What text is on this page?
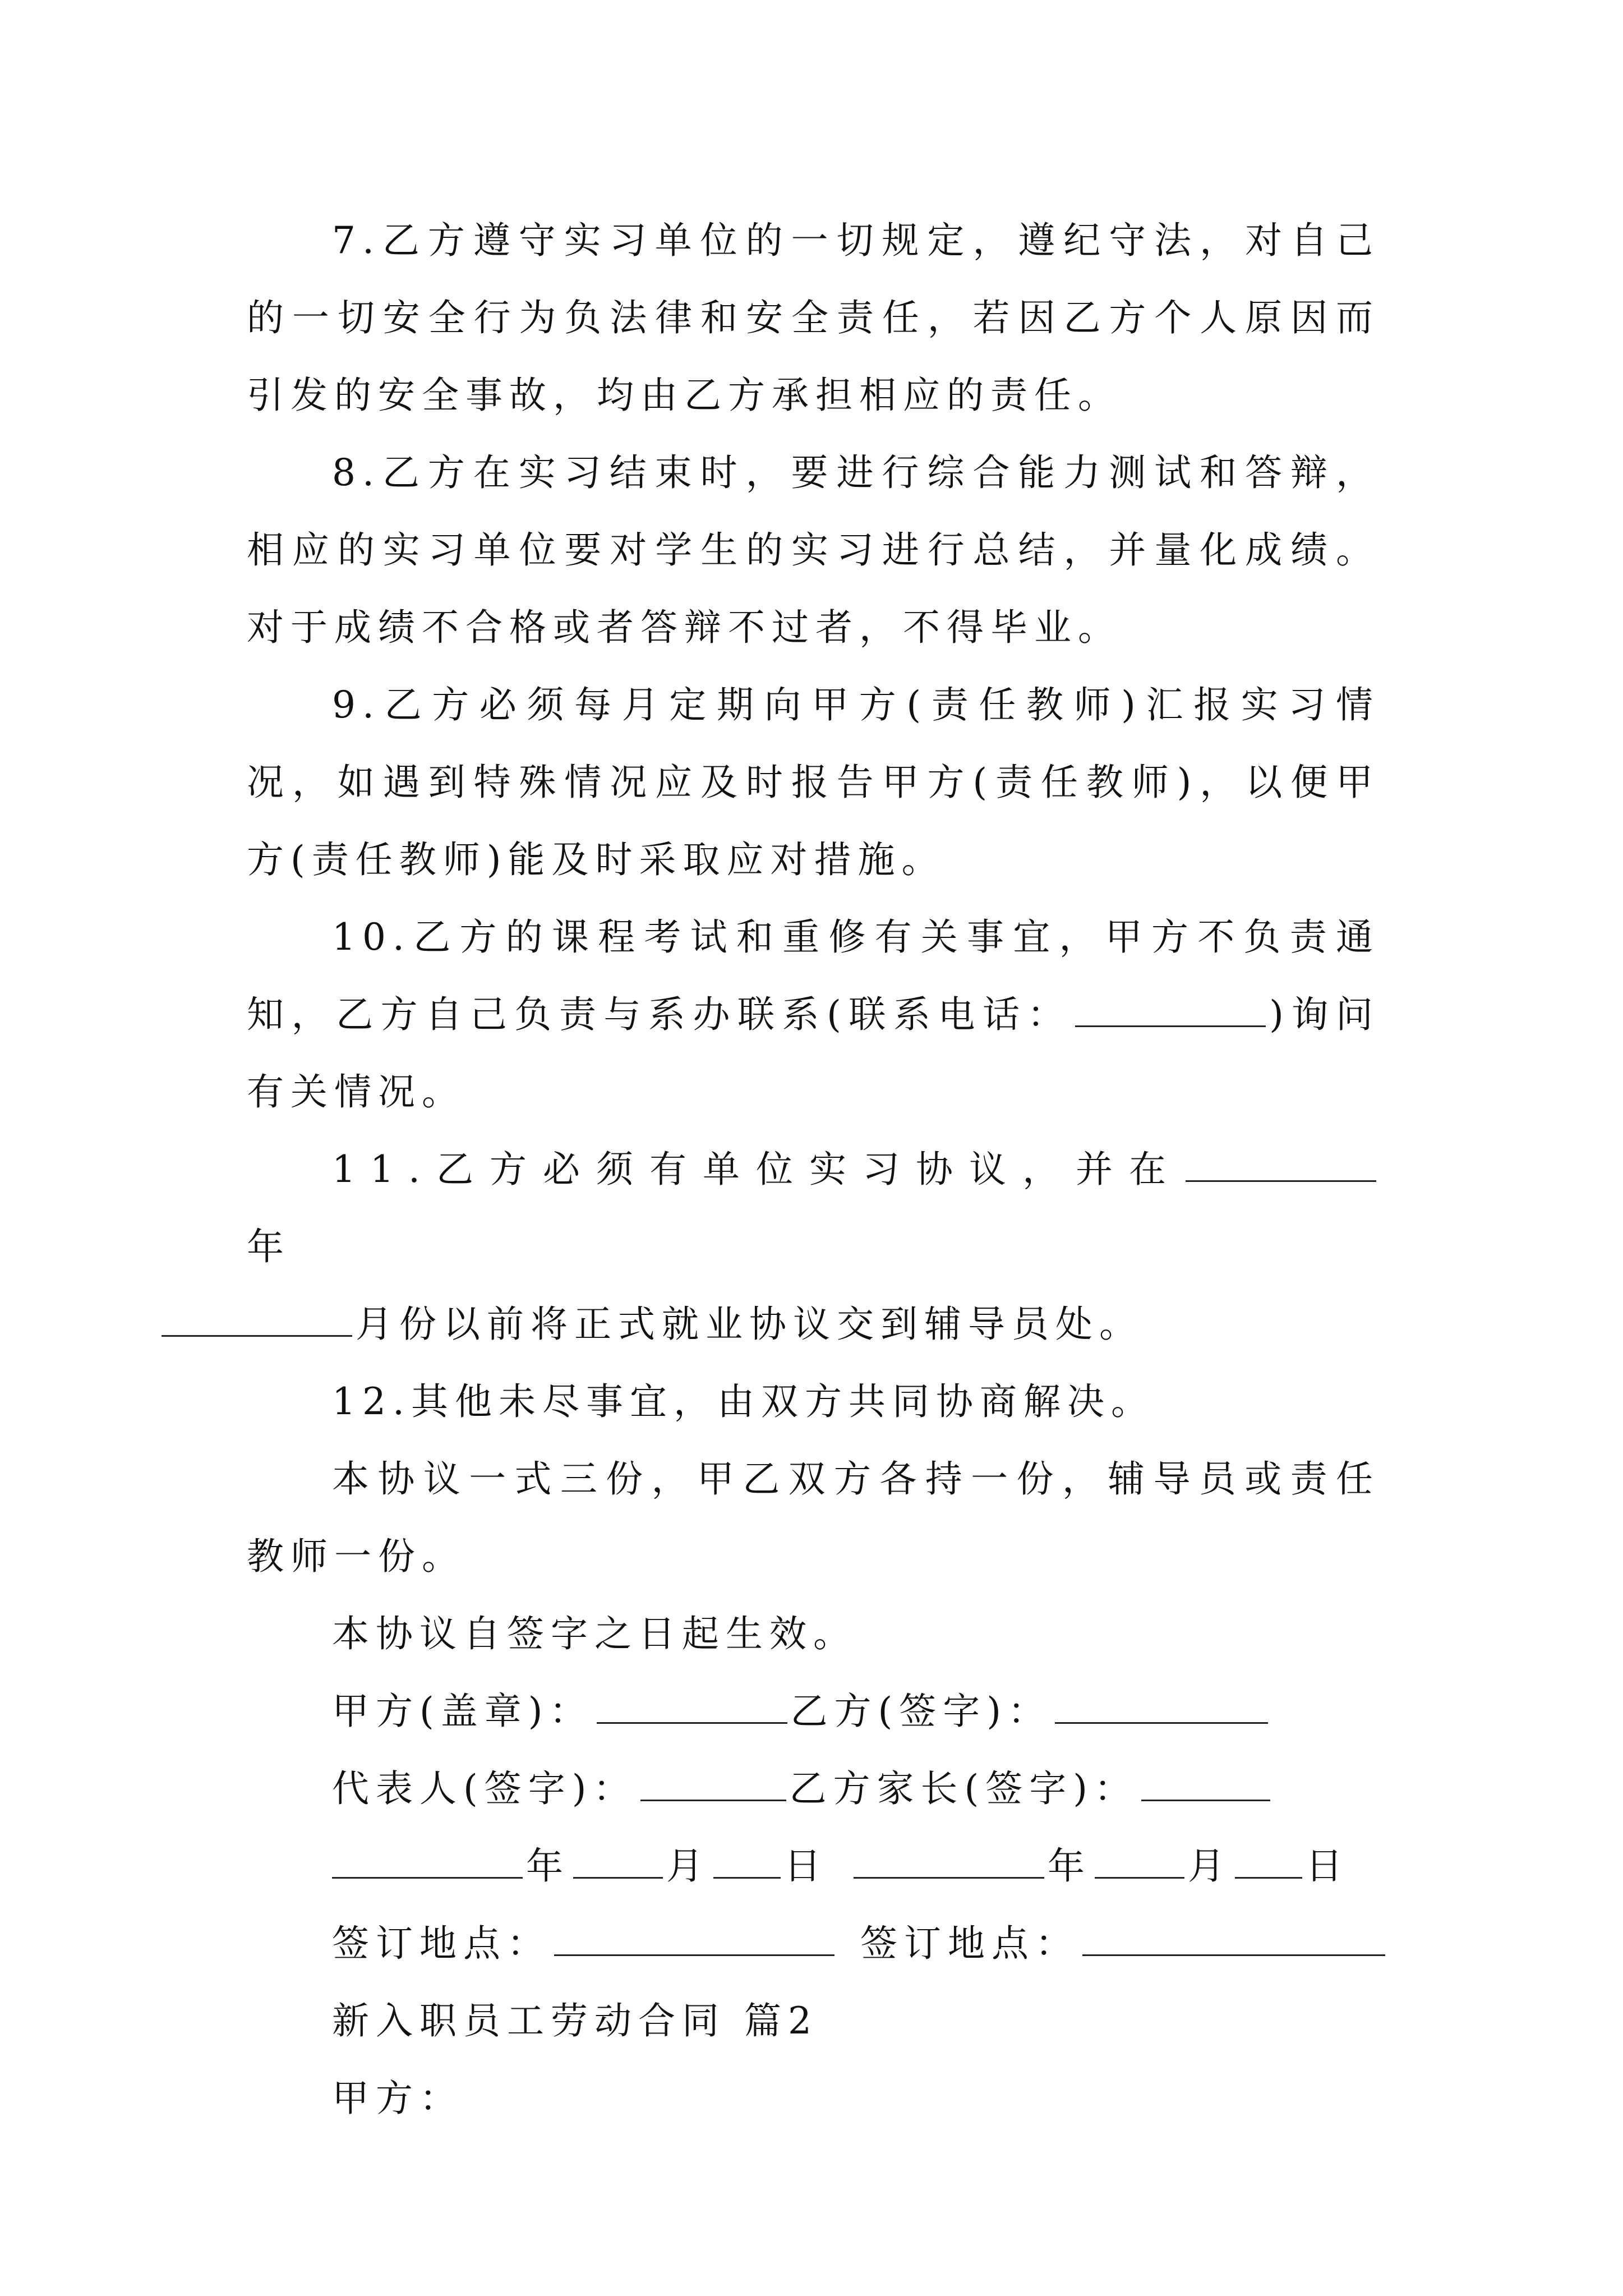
7.乙方遵守实习单位的一切规定，遵纪守法，对自己的一切安全行为负法律和安全责任，若因乙方个人原因而引发的安全事故，均由乙方承担相应的责任。

8.乙方在实习结束时，要进行综合能力测试和答辩，相应的实习单位要对学生的实习进行总结，并量化成绩。对于成绩不合格或者答辩不过者，不得毕业。

9.乙方必须每月定期向甲方(责任教师)汇报实习情况，如遇到特殊情况应及时报告甲方(责任教师)，以便甲方(责任教师)能及时采取应对措施。

10.乙方的课程考试和重修有关事宜，甲方不负责通知，乙方自己负责与系办联系(联系电话：	)询问有关情况。

11.乙方必须有单位实习协议，并在年
月份以前将正式就业协议交到辅导员处。

12.其他未尽事宜，由双方共同协商解决。

本协议一式三份，甲乙双方各持一份，辅导员或责任教师一份。

本协议自签字之日起生效。

甲方(盖章)：	乙方(签字)：

代表人(签字)：	乙方家长(签字)：

年	月 日	年	月 日

签订地点：	签订地点：

新入职员工劳动合同 篇2

甲方：
